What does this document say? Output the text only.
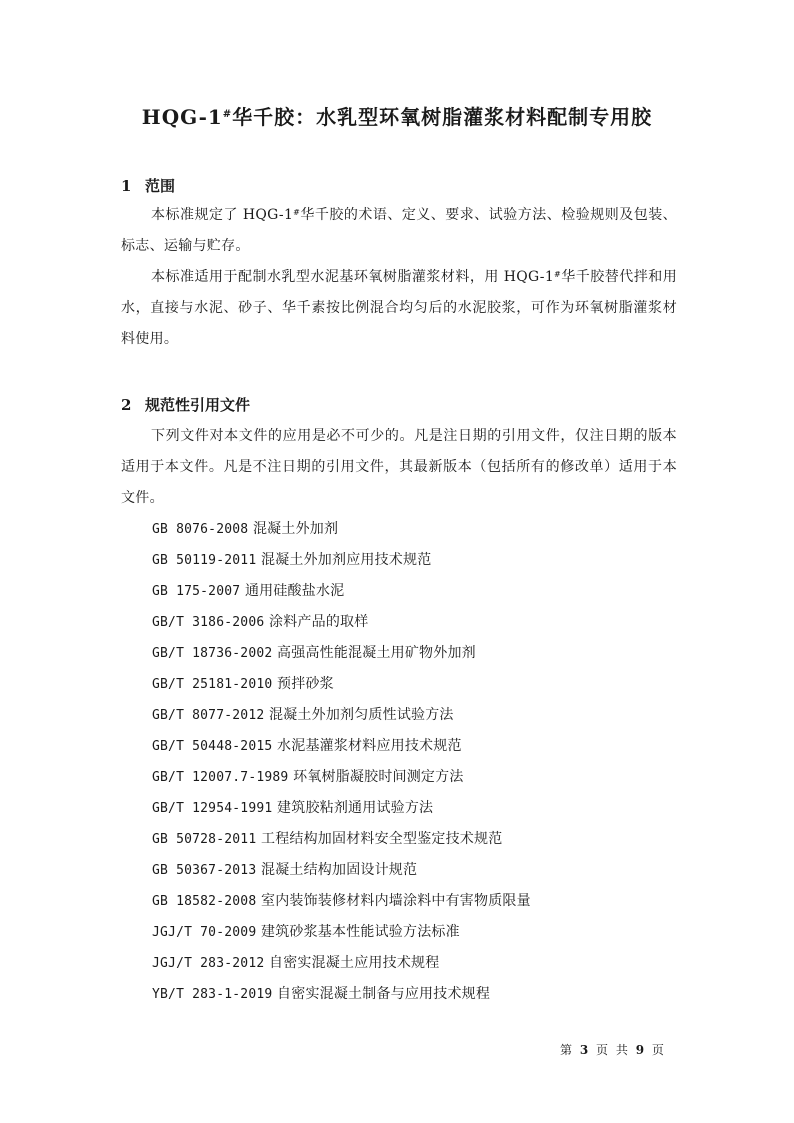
HQG-1#华千胶：水乳型环氧树脂灌浆材料配制专用胶
1 范围

本标准规定了 HQG-1#华千胶的术语、定义、要求、试验方法、检验规则及包装、标志、运输与贮存。

本标准适用于配制水乳型水泥基环氧树脂灌浆材料，用 HQG-1#华千胶替代拌和用水，直接与水泥、砂子、华千素按比例混合均匀后的水泥胶浆，可作为环氧树脂灌浆材料使用。

2 规范性引用文件

下列文件对本文件的应用是必不可少的。凡是注日期的引用文件，仅注日期的版本适用于本文件。凡是不注日期的引用文件，其最新版本（包括所有的修改单）适用于本文件。

GB 8076-2008 混凝土外加剂
GB 50119-2011 混凝土外加剂应用技术规范
GB 175-2007 通用硅酸盐水泥
GB/T 3186-2006 涂料产品的取样
GB/T 18736-2002 高强高性能混凝土用矿物外加剂
GB/T 25181-2010 预拌砂浆
GB/T 8077-2012 混凝土外加剂匀质性试验方法
GB/T 50448-2015 水泥基灌浆材料应用技术规范
GB/T 12007.7-1989 环氧树脂凝胶时间测定方法
GB/T 12954-1991 建筑胶粘剂通用试验方法
GB 50728-2011 工程结构加固材料安全型鉴定技术规范
GB 50367-2013 混凝土结构加固设计规范
GB 18582-2008 室内装饰装修材料内墙涂料中有害物质限量
JGJ/T 70-2009 建筑砂浆基本性能试验方法标准
JGJ/T 283-2012 自密实混凝土应用技术规程
YB/T 283-1-2019 自密实混凝土制备与应用技术规程
第 3 页 共 9 页
